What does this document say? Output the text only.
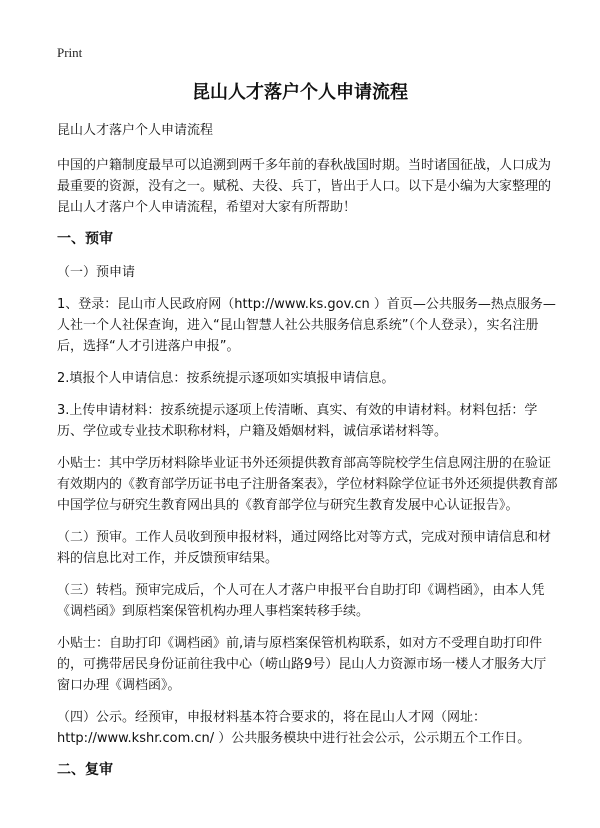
Print
昆山人才落户个人申请流程

昆山人才落户个人申请流程

中国的户籍制度最早可以追溯到两千多年前的春秋战国时期。当时诸国征战，人口成为最重要的资源，没有之一。赋税、夫役、兵丁，皆出于人口。以下是小编为大家整理的昆山人才落户个人申请流程，希望对大家有所帮助！

一、预审
（一）预申请

1、登录：昆山市人民政府网（http://www.ks.gov.cn ）首页—公共服务—热点服务—人社一个人社保查询，进入“昆山智慧人社公共服务信息系统”（个人登录），实名注册后，选择“人才引进落户申报”。

2.填报个人申请信息：按系统提示逐项如实填报申请信息。

3.上传申请材料：按系统提示逐项上传清晰、真实、有效的申请材料。材料包括：学历、学位或专业技术职称材料，户籍及婚姻材料，诚信承诺材料等。

小贴士：其中学历材料除毕业证书外还须提供教育部高等院校学生信息网注册的在验证有效期内的《教育部学历证书电子注册备案表》，学位材料除学位证书外还须提供教育部中国学位与研究生教育网出具的《教育部学位与研究生教育发展中心认证报告》。

（二）预审。工作人员收到预申报材料，通过网络比对等方式，完成对预申请信息和材料的信息比对工作，并反馈预审结果。

（三）转档。预审完成后，个人可在人才落户申报平台自助打印《调档函》，由本人凭《调档函》到原档案保管机构办理人事档案转移手续。

小贴士：自助打印《调档函》前,请与原档案保管机构联系，如对方不受理自助打印件的，可携带居民身份证前往我中心（崂山路9号）昆山人力资源市场一楼人才服务大厅窗口办理《调档函》。

（四）公示。经预审，申报材料基本符合要求的，将在昆山人才网（网址：http://www.kshr.com.cn/ ）公共服务模块中进行社会公示，公示期五个工作日。

二、复审
